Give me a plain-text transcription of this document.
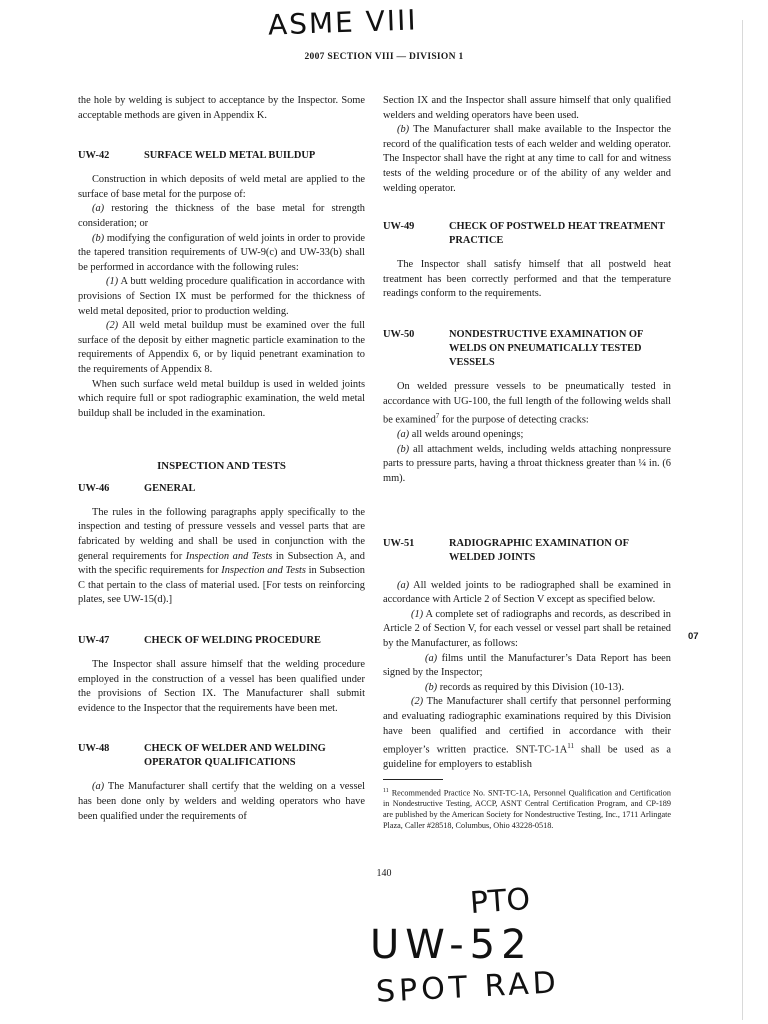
ASME VIII
2007 SECTION VIII — DIVISION 1

the hole by welding is subject to acceptance by the Inspector. Some acceptable methods are given in Appendix K.

UW-42	SURFACE WELD METAL BUILDUP

Construction in which deposits of weld metal are applied to the surface of base metal for the purpose of:

(a) restoring the thickness of the base metal for strength consideration; or

(b) modifying the configuration of weld joints in order to provide the tapered transition requirements of UW-9(c) and UW-33(b) shall be performed in accordance with the following rules:

(1) A butt welding procedure qualification in accordance with provisions of Section IX must be performed for the thickness of weld metal deposited, prior to production welding.

(2) All weld metal buildup must be examined over the full surface of the deposit by either magnetic particle examination to the requirements of Appendix 6, or by liquid penetrant examination to the requirements of Appendix 8.

When such surface weld metal buildup is used in welded joints which require full or spot radiographic examination, the weld metal buildup shall be included in the examination.

INSPECTION AND TESTS
UW-46	GENERAL

The rules in the following paragraphs apply specifically to the inspection and testing of pressure vessels and vessel parts that are fabricated by welding and shall be used in conjunction with the general requirements for Inspection and Tests in Subsection A, and with the specific requirements for Inspection and Tests in Subsection C that pertain to the class of material used. [For tests on reinforcing plates, see UW-15(d).]

UW-47	CHECK OF WELDING PROCEDURE

The Inspector shall assure himself that the welding procedure employed in the construction of a vessel has been qualified under the provisions of Section IX. The Manufacturer shall submit evidence to the Inspector that the requirements have been met.

UW-48	CHECK OF WELDER AND WELDING OPERATOR QUALIFICATIONS

(a) The Manufacturer shall certify that the welding on a vessel has been done only by welders and welding operators who have been qualified under the requirements of

Section IX and the Inspector shall assure himself that only qualified welders and welding operators have been used.

(b) The Manufacturer shall make available to the Inspector the record of the qualification tests of each welder and welding operator. The Inspector shall have the right at any time to call for and witness tests of the welding procedure or of the ability of any welder and welding operator.

UW-49	CHECK OF POSTWELD HEAT TREATMENT PRACTICE

The Inspector shall satisfy himself that all postweld heat treatment has been correctly performed and that the temperature readings conform to the requirements.

UW-50	NONDESTRUCTIVE EXAMINATION OF WELDS ON PNEUMATICALLY TESTED VESSELS

On welded pressure vessels to be pneumatically tested in accordance with UG-100, the full length of the following welds shall be examined$^7$ for the purpose of detecting cracks:

(a) all welds around openings;

(b) all attachment welds, including welds attaching nonpressure parts to pressure parts, having a throat thickness greater than ¼ in. (6 mm).

UW-51	RADIOGRAPHIC EXAMINATION OF WELDED JOINTS

(a) All welded joints to be radiographed shall be examined in accordance with Article 2 of Section V except as specified below.

(1) A complete set of radiographs and records, as described in Article 2 of Section V, for each vessel or vessel part shall be retained by the Manufacturer, as follows:

(a) films until the Manufacturer’s Data Report has been signed by the Inspector;

(b) records as required by this Division (10-13).

(2) The Manufacturer shall certify that personnel performing and evaluating radiographic examinations required by this Division have been qualified and certified in accordance with their employer’s written practice. SNT-$TC-1A^{11}$ shall be used as a guideline for employers to establish

$^{11}$ Recommended Practice No. SNT-TC-1A, Personnel Qualification and Certification in Nondestructive Testing, ACCP, ASNT Central Certification Program, and CP-189 are published by the American Society for Nondestructive Testing, Inc., 1711 Arlingate Plaza, Caller #28518, Columbus, Ohio 43228-0518.
07
140
PTO
UW-52
SPOT RAD
